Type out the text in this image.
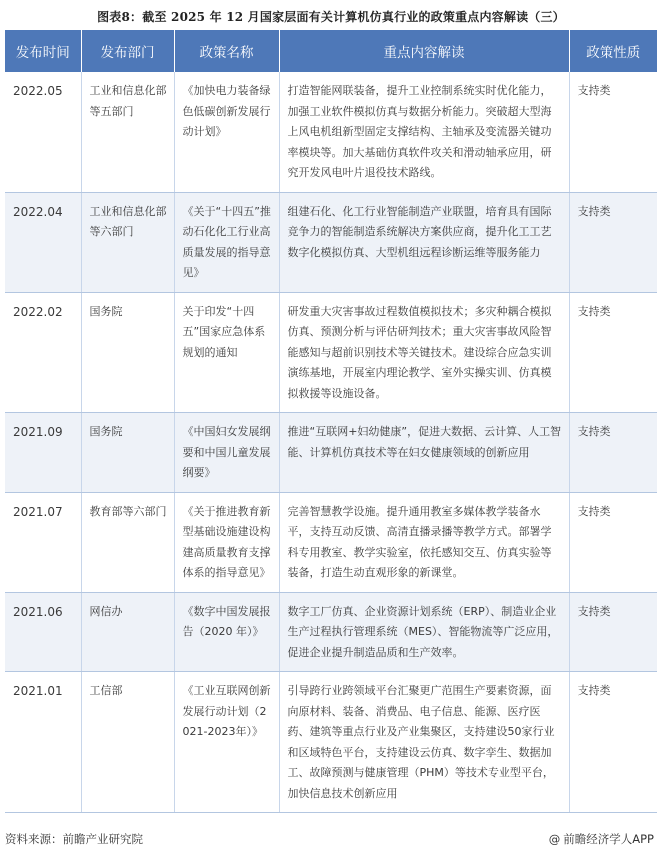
图表8：截至 2025 年 12 月国家层面有关计算机仿真行业的政策重点内容解读（三）
发布时间	发布部门	政策名称	重点内容解读	政策性质
2022.05	工业和信息化部等五部门	《加快电力装备绿色低碳创新发展行动计划》	打造智能网联装备，提升工业控制系统实时优化能力，加强工业软件模拟仿真与数据分析能力。突破超大型海上风电机组新型固定支撑结构、主轴承及变流器关键功率模块等。加大基础仿真软件攻关和滑动轴承应用，研究开发风电叶片退役技术路线。	支持类
2022.04	工业和信息化部等六部门	《关于“十四五”推动石化化工行业高质量发展的指导意见》	组建石化、化工行业智能制造产业联盟，培育具有国际竞争力的智能制造系统解决方案供应商，提升化工工艺数字化模拟仿真、大型机组远程诊断运维等服务能力	支持类
2022.02	国务院	关于印发“十四五”国家应急体系规划的通知	研发重大灾害事故过程数值模拟技术；多灾种耦合模拟仿真、预测分析与评估研判技术；重大灾害事故风险智能感知与超前识别技术等关键技术。建设综合应急实训演练基地，开展室内理论教学、室外实操实训、仿真模拟救援等设施设备。	支持类
2021.09	国务院	《中国妇女发展纲要和中国儿童发展纲要》	推进“互联网+妇幼健康”，促进大数据、云计算、人工智能、计算机仿真技术等在妇女健康领域的创新应用	支持类
2021.07	教育部等六部门	《关于推进教育新型基础设施建设构建高质量教育支撑体系的指导意见》	完善智慧教学设施。提升通用教室多媒体教学装备水平，支持互动反馈、高清直播录播等教学方式。部署学科专用教室、教学实验室，依托感知交互、仿真实验等装备，打造生动直观形象的新课堂。	支持类
2021.06	网信办	《数字中国发展报告（2020 年）》	数字工厂仿真、企业资源计划系统（ERP）、制造业企业生产过程执行管理系统（MES）、智能物流等广泛应用，促进企业提升制造品质和生产效率。	支持类
2021.01	工信部	《工业互联网创新发展行动计划（2021-2023年）》	引导跨行业跨领域平台汇聚更广范围生产要素资源，面向原材料、装备、消费品、电子信息、能源、医疗医药、建筑等重点行业及产业集聚区，支持建设50家行业和区域特色平台，支持建设云仿真、数字孪生、数据加工、故障预测与健康管理（PHM）等技术专业型平台，加快信息技术创新应用	支持类
资料来源：前瞻产业研究院	@ 前瞻经济学人APP
